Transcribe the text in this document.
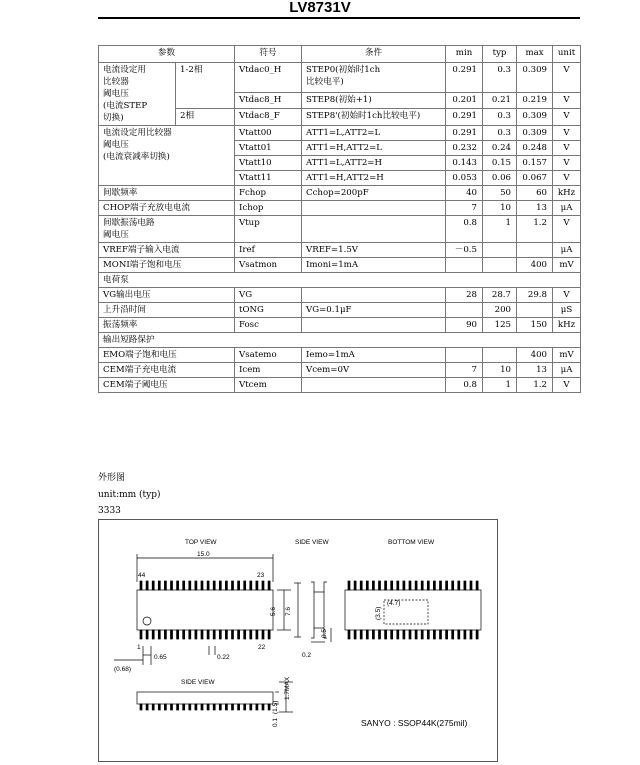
LV8731V
参数		符号	条件	min	typ	max	unit
电流设定用
比较器
阈电压
(电流STEP
切换)	1-2相	Vtdac0_H	STEP0(初始时1ch
比较电平)	0.291	0.3	0.309	V
		Vtdac8_H	STEP8(初始+1)	0.201	0.21	0.219	V
	2相	Vtdac8_F	STEP8'(初始时1ch比较电平)	0.291	0.3	0.309	V
电流设定用比较器
阈电压
(电流衰减率切换)		Vtatt00	ATT1=L,ATT2=L	0.291	0.3	0.309	V
		Vtatt01	ATT1=H,ATT2=L	0.232	0.24	0.248	V
		Vtatt10	ATT1=L,ATT2=H	0.143	0.15	0.157	V
		Vtatt11	ATT1=H,ATT2=H	0.053	0.06	0.067	V
间歇频率		Fchop	Cchop=200pF	40	50	60	kHz
CHOP端子充放电电流		Ichop		7	10	13	μA
间歇振荡电路
阈电压		Vtup		0.8	1	1.2	V
VREF端子输入电流		Iref	VREF=1.5V	－0.5			μA
MONI端子饱和电压		Vsatmon	Imoni=1mA			400	mV
电荷泵							
VG输出电压		VG		28	28.7	29.8	V
上升沿时间		tONG	VG=0.1μF		200		μS
振荡频率		Fosc		90	125	150	kHz
输出短路保护							
EMO端子饱和电压		Vsatemo	Iemo=1mA			400	mV
CEM端子充电电流		Icem	Vcem=0V	7	10	13	μA
CEM端子阈电压		Vtcem		0.8	1	1.2	V
外形图
unit:mm (typ)
3333
TOP VIEW	SIDE VIEW	BOTTOM VIEW
SIDE VIEW
15.0
44	23
1	22
0.65	0.22
(0.68)
0.2
(4.7)
5.6 7.6
0.5
(3.5)
1.7MAX
(1.5)
0.1	SANYO : SSOP44K(275mil)
